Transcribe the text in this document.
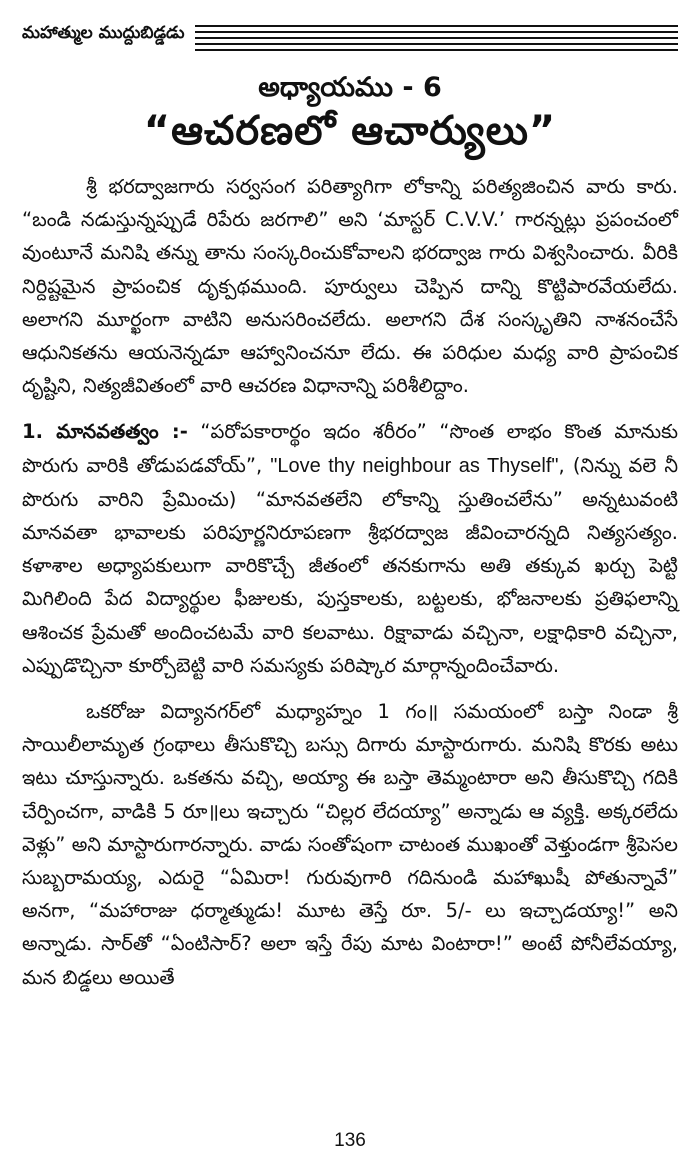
మహాత్ముల ముద్దుబిడ్డడు
అధ్యాయము - 6
“ఆచరణలో ఆచార్యులు”

శ్రీ భరద్వాజగారు సర్వసంగ పరిత్యాగిగా లోకాన్ని పరిత్యజించిన వారు కారు. “బండి నడుస్తున్నప్పుడే రిపేరు జరగాలి” అని ‘మాస్టర్ C.V.V.’ గారన్నట్లు ప్రపంచంలో వుంటూనే మనిషి తన్ను తాను సంస్కరించుకోవాలని భరద్వాజ గారు విశ్వసించారు. వీరికి నిర్దిష్టమైన ప్రాపంచిక దృక్పథముంది. పూర్వులు చెప్పిన దాన్ని కొట్టిపారవేయలేదు. అలాగని మూర్ఖంగా వాటిని అనుసరించలేదు. అలాగని దేశ సంస్కృతిని నాశనంచేసే ఆధునికతను ఆయనెన్నడూ ఆహ్వానించనూ లేదు. ఈ పరిధుల మధ్య వారి ప్రాపంచిక దృష్టిని, నిత్యజీవితంలో వారి ఆచరణ విధానాన్ని పరిశీలిద్దాం.

1. మానవతత్వం :- “పరోపకారార్థం ఇదం శరీరం” “సొంత లాభం కొంత మానుకు పొరుగు వారికి తోడుపడవోయ్”, "Love thy neighbour as Thyself", (నిన్ను వలె నీ పొరుగు వారిని ప్రేమించు) “మానవతలేని లోకాన్ని స్తుతించలేను” అన్నటువంటి మానవతా భావాలకు పరిపూర్ణనిరూపణగా శ్రీభరద్వాజ జీవించారన్నది నిత్యసత్యం. కళాశాల అధ్యాపకులుగా వారికొచ్చే జీతంలో తనకుగాను అతి తక్కువ ఖర్చు పెట్టి మిగిలింది పేద విద్యార్థుల ఫీజులకు, పుస్తకాలకు, బట్టలకు, భోజనాలకు ప్రతిఫలాన్ని ఆశించక ప్రేమతో అందించటమే వారి కలవాటు. రిక్షావాడు వచ్చినా, లక్షాధికారి వచ్చినా, ఎప్పుడొచ్చినా కూర్చోబెట్టి వారి సమస్యకు పరిష్కార మార్గాన్నందించేవారు.

ఒకరోజు విద్యానగర్‌లో మధ్యాహ్నం 1 గం॥ సమయంలో బస్తా నిండా శ్రీ సాయిలీలామృత గ్రంథాలు తీసుకొచ్చి బస్సు దిగారు మాస్టారుగారు. మనిషి కొరకు అటు ఇటు చూస్తున్నారు. ఒకతను వచ్చి, అయ్యా ఈ బస్తా తెమ్మంటారా అని తీసుకొచ్చి గదికి చేర్పించగా, వాడికి 5 రూ॥లు ఇచ్చారు “చిల్లర లేదయ్యా” అన్నాడు ఆ వ్యక్తి. అక్కరలేదు వెళ్లు” అని మాస్టారుగారన్నారు. వాడు సంతోషంగా చాటంత ముఖంతో వెళ్తుండగా శ్రీపెసల సుబ్బరామయ్య, ఎదురై “ఏమిరా! గురువుగారి గదినుండి మహాఖుషీ పోతున్నావే” అనగా, “మహారాజు ధర్మాత్ముడు! మూట తెస్తే రూ. 5/- లు ఇచ్చాడయ్యా!” అని అన్నాడు. సార్‌తో “ఏంటిసార్? అలా ఇస్తే రేపు మాట వింటారా!” అంటే పోనీలేవయ్యా, మన బిడ్డలు అయితే

136
